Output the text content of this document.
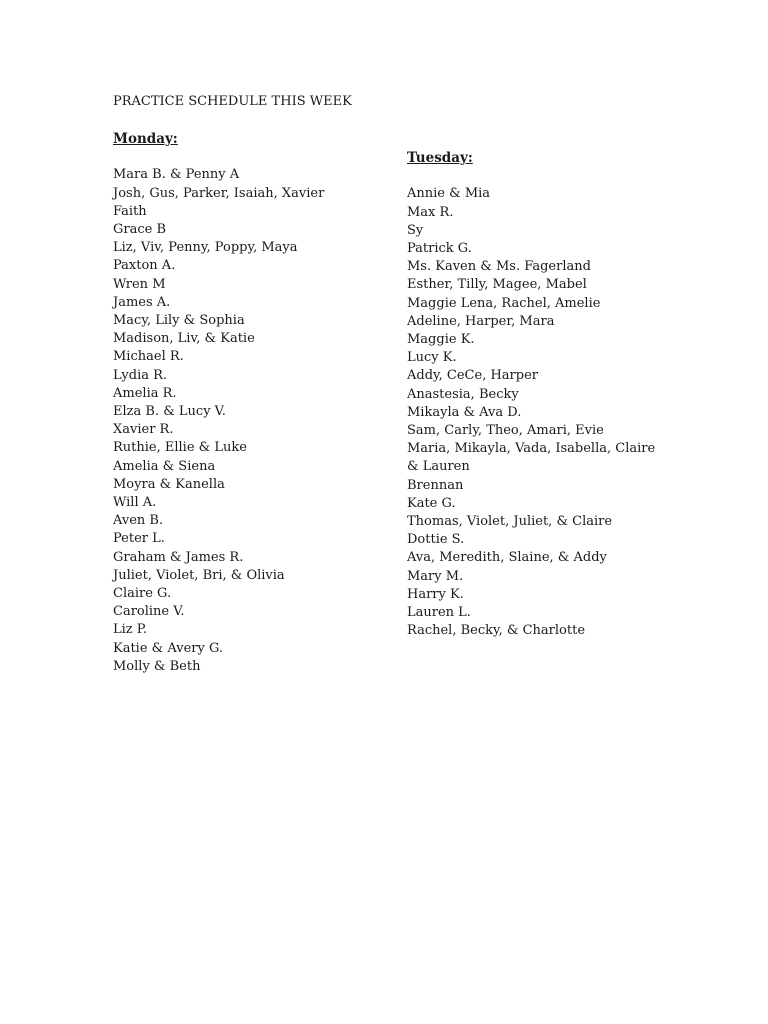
PRACTICE SCHEDULE THIS WEEK
Monday:
Mara B. & Penny A
Josh, Gus, Parker, Isaiah, Xavier
Faith
Grace B
Liz, Viv, Penny, Poppy, Maya
Paxton A.
Wren M
James A.
Macy, Lily & Sophia
Madison, Liv, & Katie
Michael R.
Lydia R.
Amelia R.
Elza B. & Lucy V.
Xavier R.
Ruthie, Ellie & Luke
Amelia & Siena
Moyra & Kanella
Will A.
Aven B.
Peter L.
Graham & James R.
Juliet, Violet, Bri, & Olivia
Claire G.
Caroline V.
Liz P.
Katie & Avery G.
Molly & Beth
Tuesday:
Annie & Mia
Max R.
Sy
Patrick G.
Ms. Kaven & Ms. Fagerland
Esther, Tilly, Magee, Mabel
Maggie Lena, Rachel, Amelie
Adeline, Harper, Mara
Maggie K.
Lucy K.
Addy, CeCe, Harper
Anastesia, Becky
Mikayla & Ava D.
Sam, Carly, Theo, Amari, Evie
Maria, Mikayla, Vada, Isabella, Claire & Lauren
Brennan
Kate G.
Thomas, Violet, Juliet, & Claire
Dottie S.
Ava, Meredith, Slaine, & Addy
Mary M.
Harry K.
Lauren L.
Rachel, Becky, & Charlotte
